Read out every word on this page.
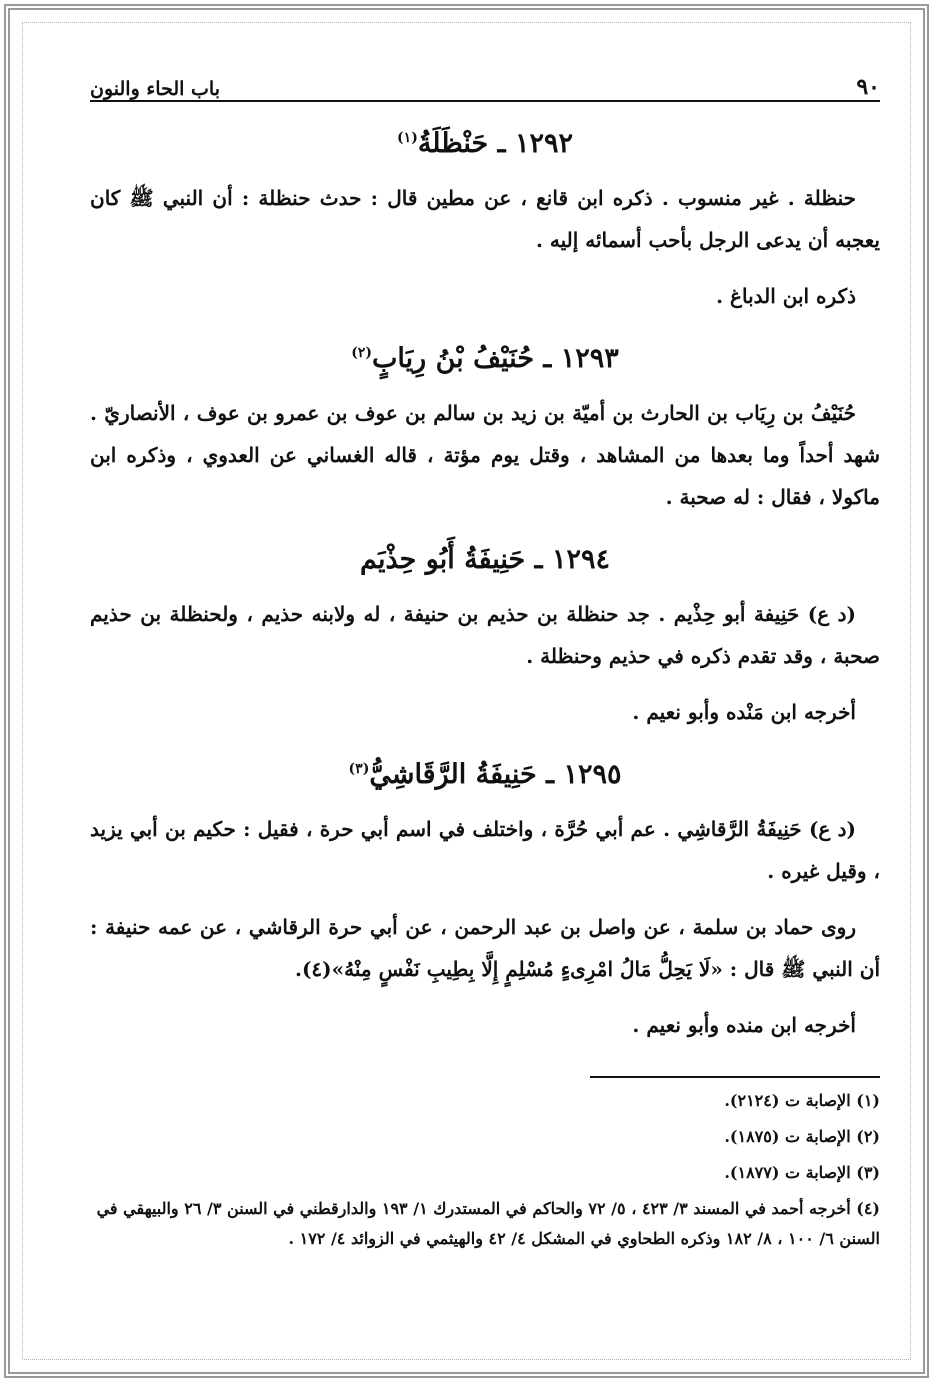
٩٠
باب الحاء والنون
١٢٩٢ ـ حَنْظَلَةُ$^{(١)}$

حنظلة . غير منسوب . ذكره ابن قانع ، عن مطين قال : حدث حنظلة : أن النبي ﷺ كان يعجبه أن يدعى الرجل بأحب أسمائه إليه .

ذكره ابن الدباغ .

١٢٩٣ ـ حُنَيْفُ بْنُ رِيَابٍ$^{(٢)}$

حُنَيْفُ بن رِيَاب بن الحارث بن أميّة بن زيد بن سالم بن عوف بن عمرو بن عوف ، الأنصاريّ . شهد أحداً وما بعدها من المشاهد ، وقتل يوم مؤتة ، قاله الغساني عن العدوي ، وذكره ابن ماكولا ، فقال : له صحبة .

١٢٩٤ ـ حَنِيفَةُ أَبُو حِذْيَم

(د ع) حَنِيفة أبو حِذْيم . جد حنظلة بن حذيم بن حنيفة ، له ولابنه حذيم ، ولحنظلة بن حذيم صحبة ، وقد تقدم ذكره في حذيم وحنظلة .

أخرجه ابن مَنْده وأبو نعيم .

١٢٩٥ ـ حَنِيفَةُ الرَّقَاشِيُّ$^{(٣)}$

(د ع) حَنِيفَةُ الرَّقاشِي . عم أبي حُرَّة ، واختلف في اسم أبي حرة ، فقيل : حكيم بن أبي يزيد ، وقيل غيره .

روى حماد بن سلمة ، عن واصل بن عبد الرحمن ، عن أبي حرة الرقاشي ، عن عمه حنيفة : أن النبي ﷺ قال : «لَا يَحِلُّ مَالُ امْرِىءٍ مُسْلِمٍ إِلَّا بِطِيبِ نَفْسٍ مِنْهُ»(٤).

أخرجه ابن منده وأبو نعيم .

(١) الإصابة ت (٢١٢٤).

(٢) الإصابة ت (١٨٧٥).

(٣) الإصابة ت (١٨٧٧).

(٤) أخرجه أحمد في المسند ٣/ ٤٢٣ ، ٥/ ٧٢ والحاكم في المستدرك ١/ ١٩٣ والدارقطني في السنن ٣/ ٢٦ والبيهقي في السنن ٦/ ١٠٠ ، ٨/ ١٨٢ وذكره الطحاوي في المشكل ٤/ ٤٢ والهيثمي في الزوائد ٤/ ١٧٢ .
